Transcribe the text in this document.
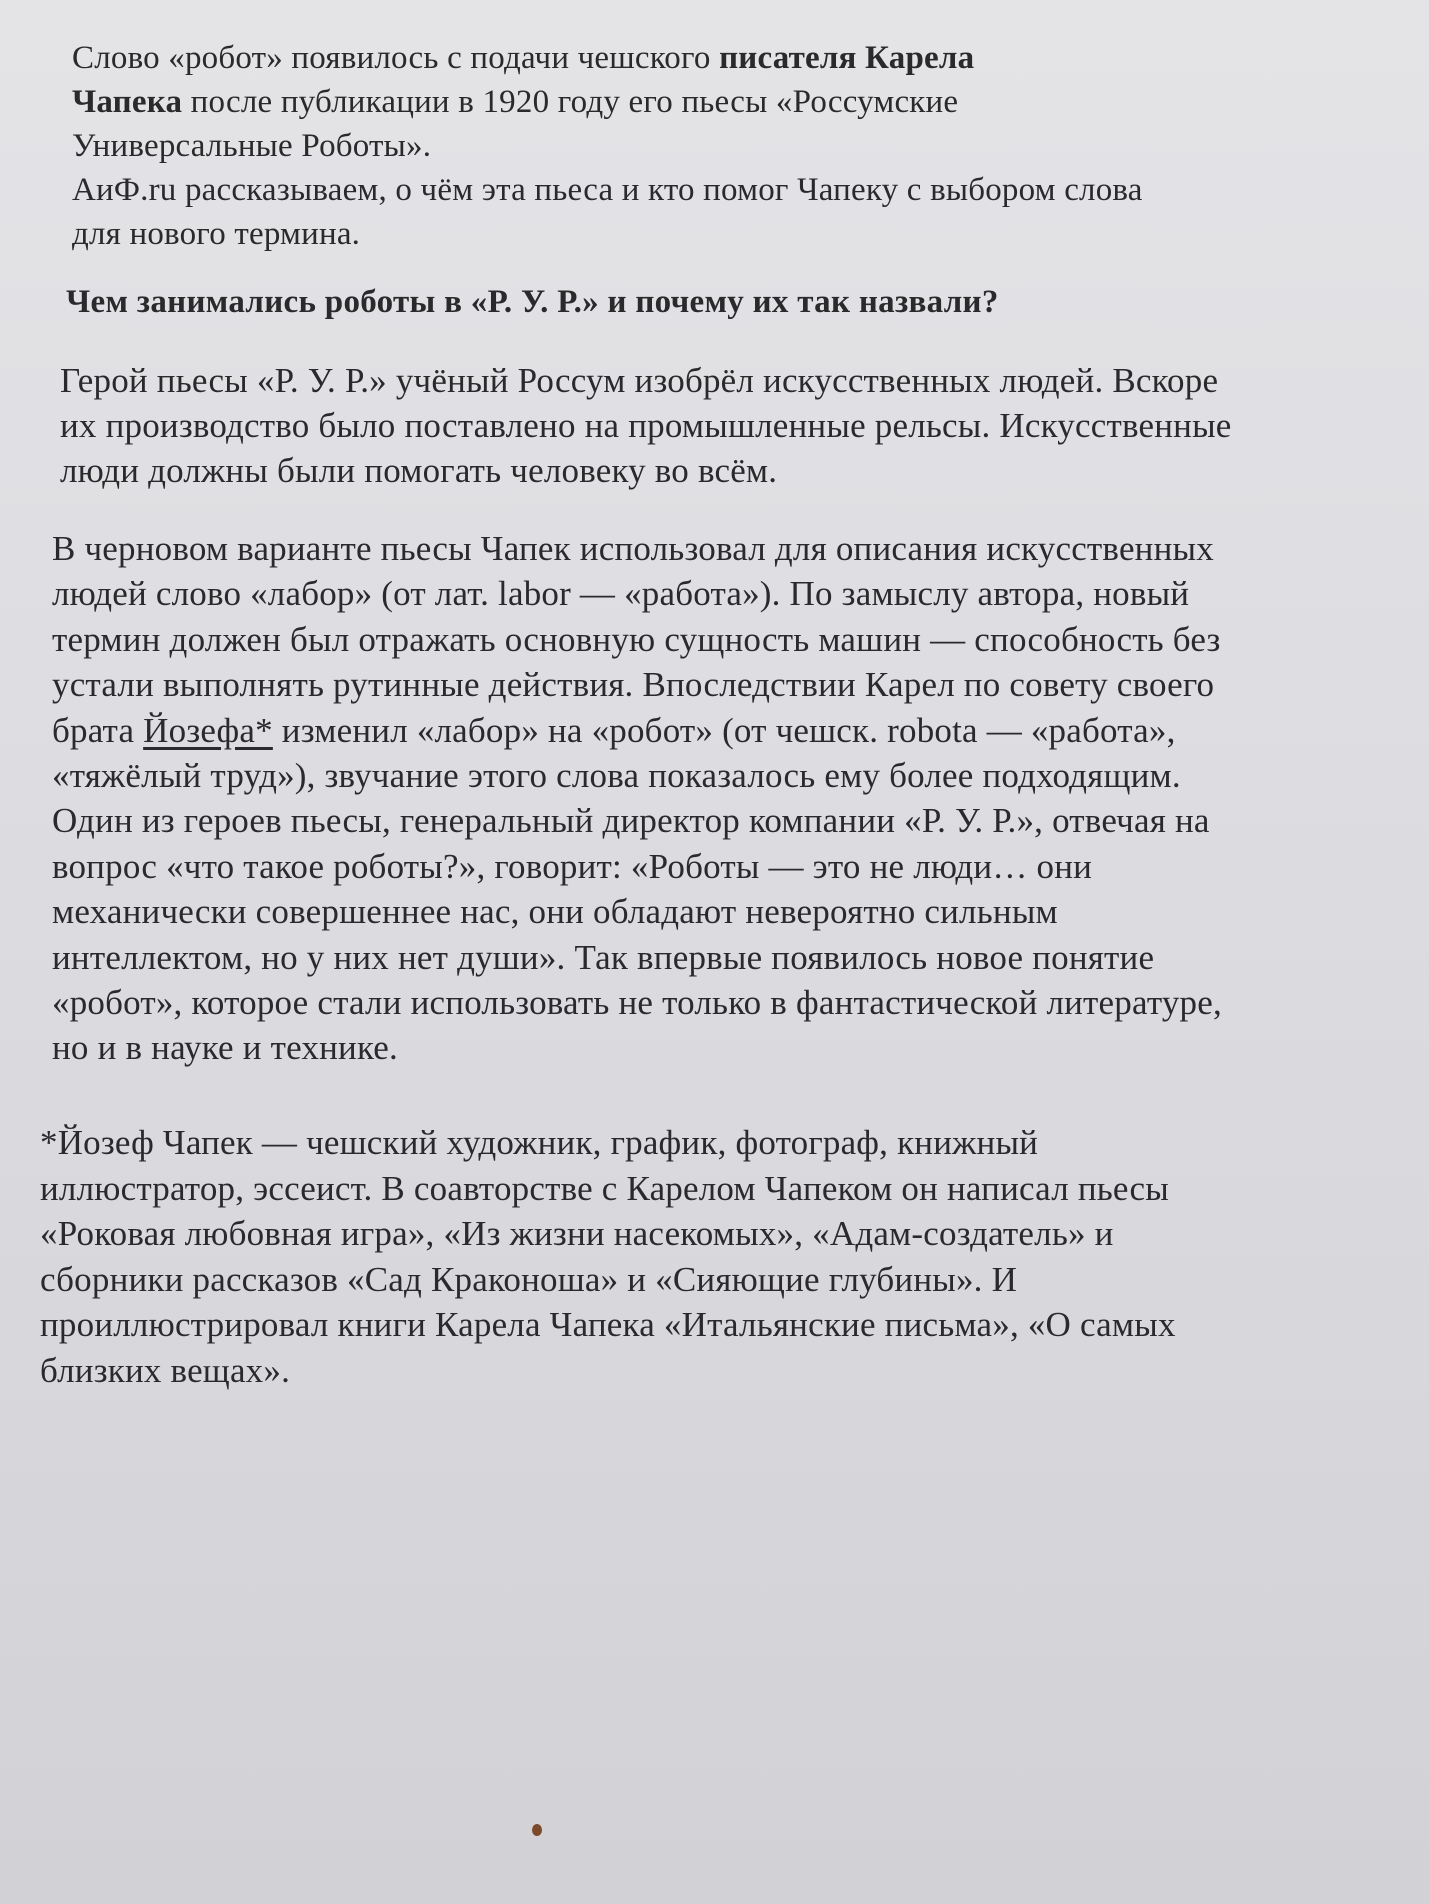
Слово «робот» появилось с подачи чешского писателя Карела
Чапека после публикации в 1920 году его пьесы «Россумские
Универсальные Роботы».
АиФ.ru рассказываем, о чём эта пьеса и кто помог Чапеку с выбором слова
для нового термина.
Чем занимались роботы в «Р. У. Р.» и почему их так назвали?
Герой пьесы «Р. У. Р.» учёный Россум изобрёл искусственных людей. Вскоре
их производство было поставлено на промышленные рельсы. Искусственные
люди должны были помогать человеку во всём.
В черновом варианте пьесы Чапек использовал для описания искусственных
людей слово «лабор» (от лат. labor — «работа»). По замыслу автора, новый
термин должен был отражать основную сущность машин — способность без
устали выполнять рутинные действия. Впоследствии Карел по совету своего
брата Йозефа* изменил «лабор» на «робот» (от чешск. robota — «работа»,
«тяжёлый труд»), звучание этого слова показалось ему более подходящим.
Один из героев пьесы, генеральный директор компании «Р. У. Р.», отвечая на
вопрос «что такое роботы?», говорит: «Роботы — это не люди… они
механически совершеннее нас, они обладают невероятно сильным
интеллектом, но у них нет души». Так впервые появилось новое понятие
«робот», которое стали использовать не только в фантастической литературе,
но и в науке и технике.
*Йозеф Чапек — чешский художник, график, фотограф, книжный
иллюстратор, эссеист. В соавторстве с Карелом Чапеком он написал пьесы
«Роковая любовная игра», «Из жизни насекомых», «Адам-создатель» и
сборники рассказов «Сад Краконоша» и «Сияющие глубины». И
проиллюстрировал книги Карела Чапека «Итальянские письма», «О самых
близких вещах».
